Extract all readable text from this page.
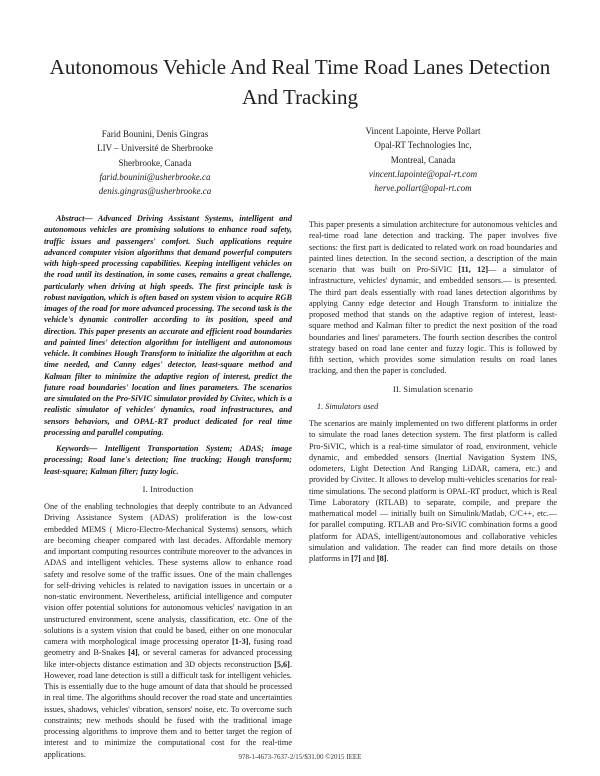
Autonomous Vehicle And Real Time Road Lanes Detection And Tracking
Farid Bounini, Denis Gingras
LIV – Université de Sherbrooke
Sherbrooke, Canada
farid.bounini@usherbrooke.ca
denis.gingras@usherbrooke.ca
Vincent Lapointe, Herve Pollart
Opal-RT Technologies Inc,
Montreal, Canada
vincent.lapointe@opal-rt.com
herve.pollart@opal-rt.com

Abstract— Advanced Driving Assistant Systems, intelligent and autonomous vehicles are promising solutions to enhance road safety, traffic issues and passengers' comfort. Such applications require advanced computer vision algorithms that demand powerful computers with high-speed processing capabilities. Keeping intelligent vehicles on the road until its destination, in some cases, remains a great challenge, particularly when driving at high speeds. The first principle task is robust navigation, which is often based on system vision to acquire RGB images of the road for more advanced processing. The second task is the vehicle's dynamic controller according to its position, speed and direction. This paper presents an accurate and efficient road boundaries and painted lines' detection algorithm for intelligent and autonomous vehicle. It combines Hough Transform to initialize the algorithm at each time needed, and Canny edges' detector, least-square method and Kalman filter to minimize the adaptive region of interest, predict the future road boundaries' location and lines parameters. The scenarios are simulated on the Pro-SiVIC simulator provided by Civitec, which is a realistic simulator of vehicles' dynamics, road infrastructures, and sensors behaviors, and OPAL-RT product dedicated for real time processing and parallel computing.

Keywords— Intelligent Transportation System; ADAS; image processing; Road lane's detection; line tracking; Hough transform; least-square; Kalman filter; fuzzy logic.

I. Introduction

One of the enabling technologies that deeply contribute to an Advanced Driving Assistance System (ADAS) proliferation is the low-cost embedded MEMS ( Micro-Electro-Mechanical Systems) sensors, which are becoming cheaper compared with last decades. Affordable memory and important computing resources contribute moreover to the advances in ADAS and intelligent vehicles. These systems allow to enhance road safety and resolve some of the traffic issues. One of the main challenges for self-driving vehicles is related to navigation issues in uncertain or a non-static environment. Nevertheless, artificial intelligence and computer vision offer potential solutions for autonomous vehicles' navigation in an unstructured environment, scene analysis, classification, etc. One of the solutions is a system vision that could be based, either on one monocular camera with morphological image processing operator [1-3], fusing road geometry and B-Snakes [4], or several cameras for advanced processing like inter-objects distance estimation and 3D objects reconstruction [5,6]. However, road lane detection is still a difficult task for intelligent vehicles. This is essentially due to the huge amount of data that should be processed in real time. The algorithms should recover the road state and uncertainties issues, shadows, vehicles' vibration, sensors' noise, etc. To overcome such constraints; new methods should be fused with the traditional image processing algorithms to improve them and to better target the region of interest and to minimize the computational cost for the real-time applications.

This paper presents a simulation architecture for autonomous vehicles and real-time road lane detection and tracking. The paper involves five sections: the first part is dedicated to related work on road boundaries and painted lines detection. In the second section, a description of the main scenario that was built on Pro-SiVIC [11, 12]— a simulator of infrastructure, vehicles' dynamic, and embedded sensors.— is presented. The third part deals essentially with road lanes detection algorithms by applying Canny edge detector and Hough Transform to initialize the proposed method that stands on the adaptive region of interest, least-square method and Kalman filter to predict the next position of the road boundaries and lines' parameters. The fourth section describes the control strategy based on road lane center and fuzzy logic. This is followed by fifth section, which provides some simulation results on road lanes tracking, and then the paper is concluded.

II. Simulation scenario

1. Simulators used

The scenarios are mainly implemented on two different platforms in order to simulate the road lanes detection system. The first platform is called Pro-SiVIC, which is a real-time simulator of road, environment, vehicle dynamic, and embedded sensors (Inertial Navigation System INS, odometers, Light Detection And Ranging LiDAR, camera, etc.) and provided by Civitec. It allows to develop multi-vehicles scenarios for real-time simulations. The second platform is OPAL-RT product, which is Real Time Laboratory (RTLAB) to separate, compile, and prepare the mathematical model — initially built on Simulink/Matlab, C/C++, etc.— for parallel computing. RTLAB and Pro-SiVIC combination forms a good platform for ADAS, intelligent/autonomous and collaborative vehicles simulation and validation. The reader can find more details on those platforms in [7] and [8].

978-1-4673-7637-2/15/$31.00 ©2015 IEEE
